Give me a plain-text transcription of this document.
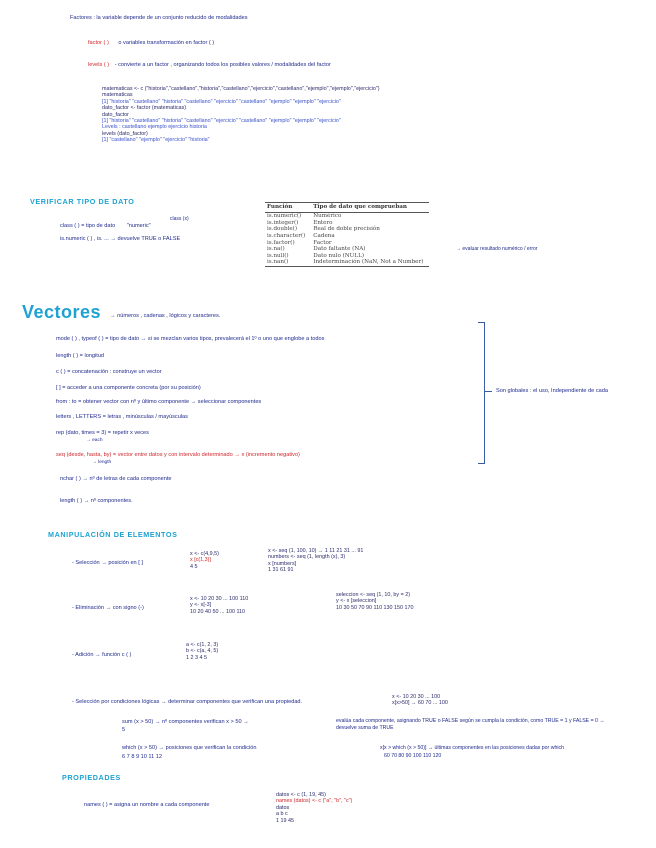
Factores : la variable depende de un conjunto reducido de modalidades
factor ( ) o variables transformación en factor ( )
levels ( ) - convierte a un factor , organizando todos los posibles valores / modalidades del factor
matematicas <- c ("historia","castellano","historia","castellano","ejercicio","castellano","ejemplo","ejemplo","ejercicio")
matematicas
[1] "historia" "castellano" "historia" "castellano" "ejercicio" "castellano" "ejemplo" "ejemplo" "ejercicio"
dato_factor <- factor (matematicas)
dato_factor
[1] "historia" "castellano" "historia" "castellano" "ejercicio" "castellano" "ejemplo" "ejemplo" "ejercicio"
Levels : castellano ejemplo ejercicio historia
levels (dato_factor)
[1] "castellano" "ejemplo" "ejercicio" "historia"
VERIFICAR TIPO DE DATO
class (x)
class ( ) = tipo de dato "numeric"
is.numeric ( ) , is. ... → devuelve TRUE o FALSE
Función	Tipo de dato que comprueban
is.numeric()	Numérico
is.integer()	Entero
is.double()	Real de doble precisión
is.character()	Cadena
is.factor()	Factor
is.na()	Dato faltante (NA)
is.null()	Dato nulo (NULL)
is.nan()	Indeterminación (NaN, Not a Number)
→ evaluar resultado numérico / error
Vectores → números , cadenas , lógicos y caracteres.
Son globales : el uso, Independiente de cada
mode ( ) , typeof ( ) = tipo de dato → si se mezclan varios tipos, prevalecerá el 1º o uno que englobe a todos
length ( ) = longitud
c ( ) = concatenación : construye un vector
[ ] = acceder a una componente concreta (por su posición)
from : to = obtener vector con nº y último componente → seleccionar componentes
letters , LETTERS = letras , minúsculas / mayúsculas
rep (dato, times = 3) = repetir x veces
→ each
seq (desde, hasta, by) = vector entre datos y con intervalo determinado → x (incremento negativo)
→ length
nchar ( ) → nº de letras de cada componente
length ( ) → nº componentes.
MANIPULACIÓN DE ELEMENTOS
- Selección → posición en [ ]
x <- c(4,9,5)
x [c(1,3)]
4 5
x <- seq (1, 100, 10) → 1 11 21 31 ... 91
numbers <- seq (1, length (x), 3)
x [numbers]
1 31 61 91
- Eliminación → con signo (-)
x <- 10 20 30 ... 100 110
y <- x[-3]
10 20 40 50 ... 100 110
seleccion <- seq (1, 10, by = 2)
y <- x [seleccion]
10 30 50 70 90 110 130 150 170
- Adición → función c ( )
a <- c(1, 2, 3)
b <- c(a, 4, 5)
1 2 3 4 5
- Selección por condiciones lógicas → determinar componentes que verifican una propiedad.
x <- 10 20 30 ... 100
x[x>50] → 60 70 ... 100
sum (x > 50) → nº componentes verifican x > 50 →
5
evalúa cada componente, asignando TRUE o FALSE según se cumpla la condición, como TRUE = 1 y FALSE = 0 → devuelve suma de TRUE
which (x > 50) → posiciones que verifican la condición
6 7 8 9 10 11 12
x[x > which (x > 50)] → últimas componentes en las posiciones dadas por which
60 70 80 90 100 110 120
PROPIEDADES
names ( ) = asigna un nombre a cada componente
datos <- c (1, 19, 45)
names (datos) <- c ("a", "b", "c")
datos
a b c
1 19 45
